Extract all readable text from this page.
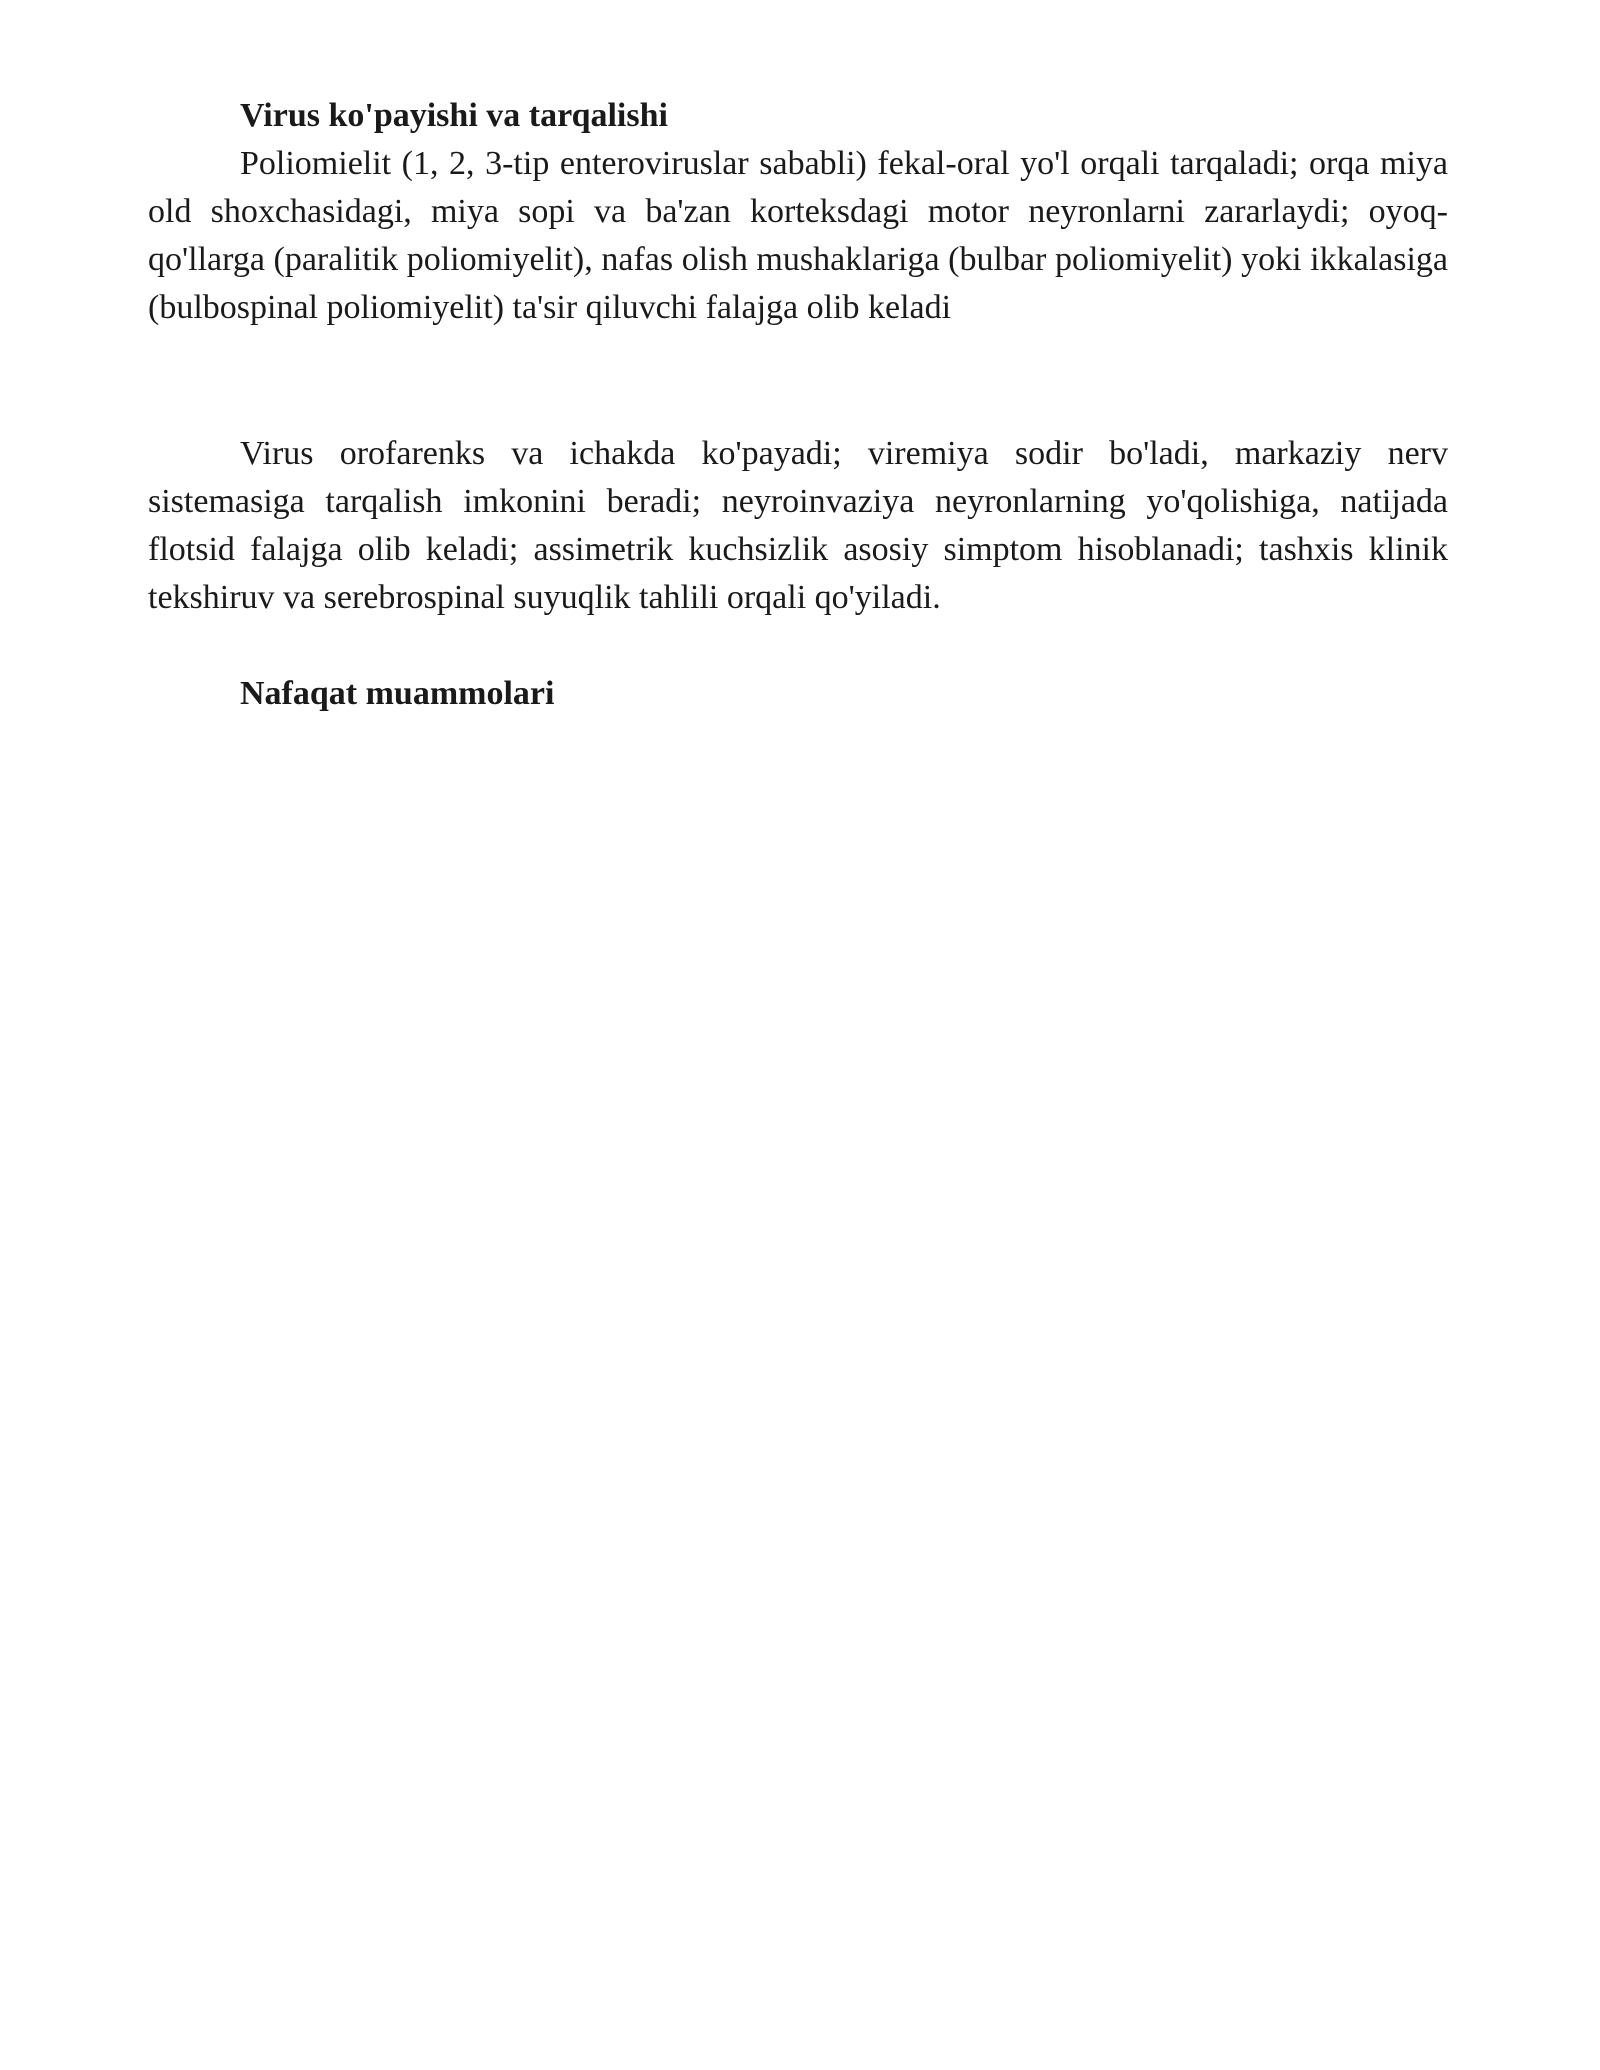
Virus ko'payishi va tarqalishi

Poliomielit (1, 2, 3-tip enteroviruslar sababli) fekal-oral yo'l orqali tarqaladi; orqa miya old shoxchasidagi, miya sopi va ba'zan korteksdagi motor neyronlarni zararlaydi; oyoq-qo'llarga (paralitik poliomiyelit), nafas olish mushaklariga (bulbar poliomiyelit) yoki ikkalasiga (bulbospinal poliomiyelit) ta'sir qiluvchi falajga olib keladi

Virus orofarenks va ichakda ko'payadi; viremiya sodir bo'ladi, markaziy nerv sistemasiga tarqalish imkonini beradi; neyroinvaziya neyronlarning yo'qolishiga, natijada flotsid falajga olib keladi; assimetrik kuchsizlik asosiy simptom hisoblanadi; tashxis klinik tekshiruv va serebrospinal suyuqlik tahlili orqali qo'yiladi.

Nafaqat muammolari
